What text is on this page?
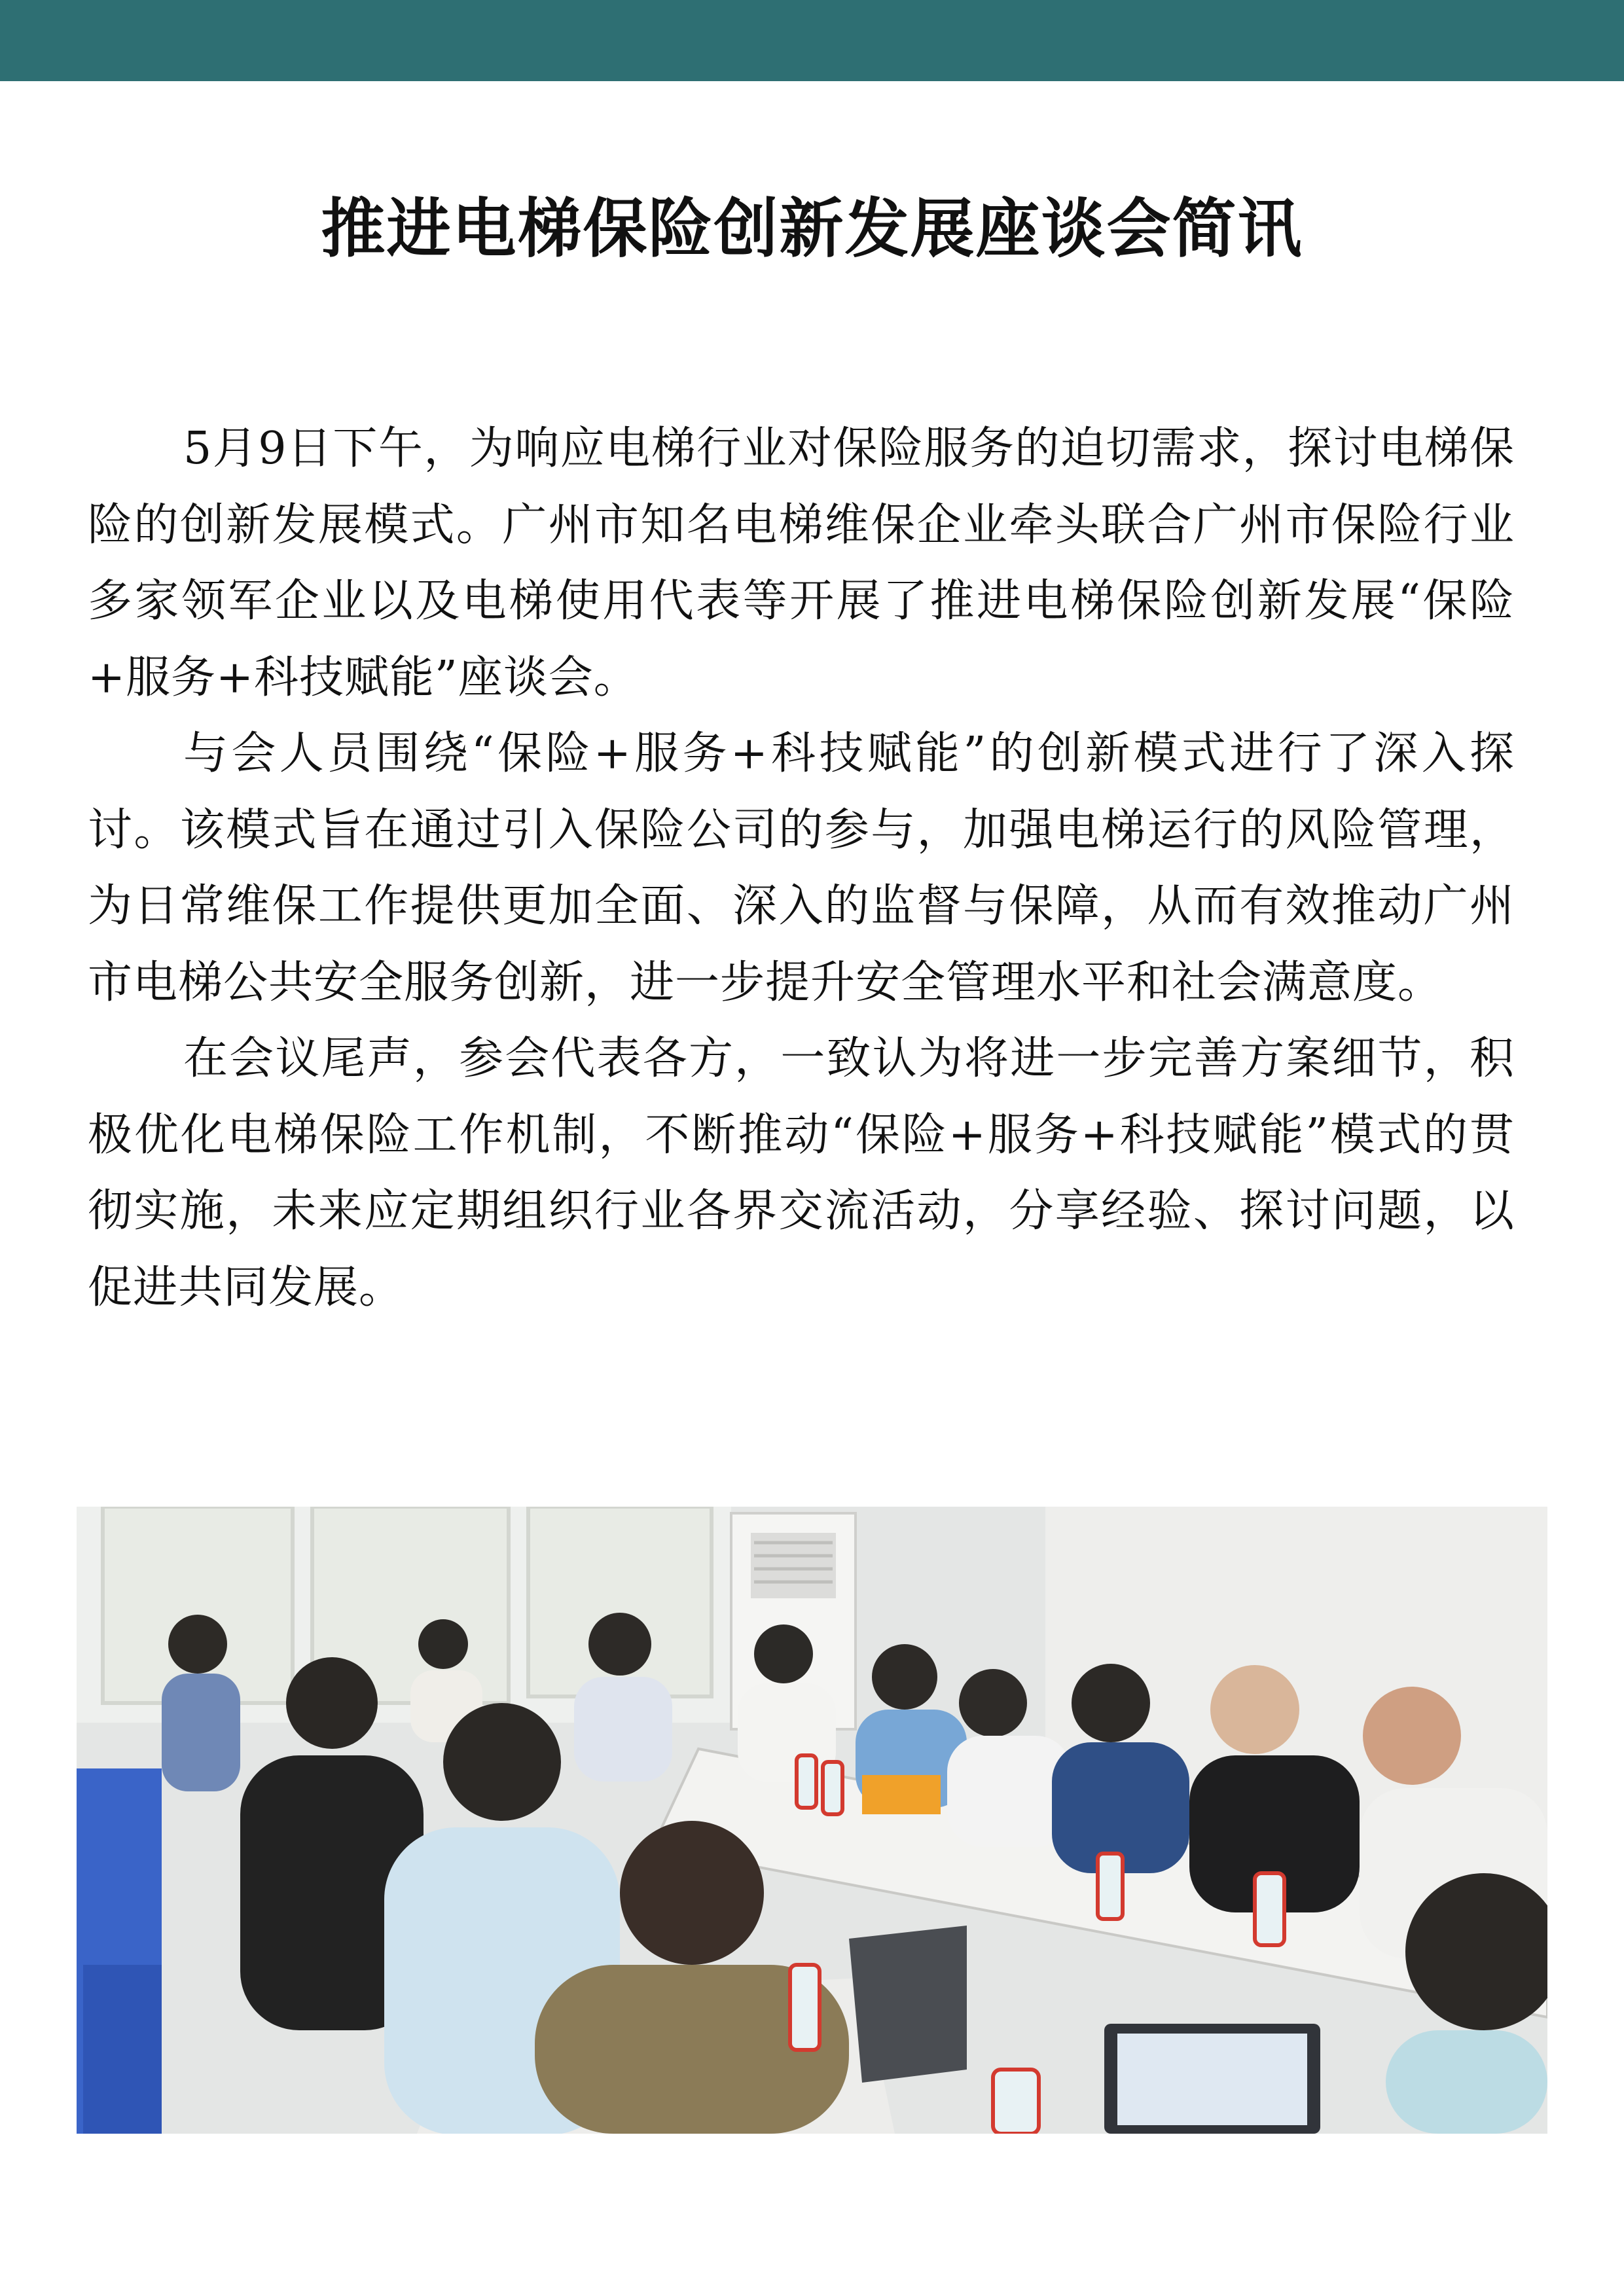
推进电梯保险创新发展座谈会简讯

5月9日下午，为响应电梯行业对保险服务的迫切需求，探讨电梯保险的创新发展模式。广州市知名电梯维保企业牵头联合广州市保险行业多家领军企业以及电梯使用代表等开展了推进电梯保险创新发展“保险+服务+科技赋能”座谈会。

与会人员围绕“保险+服务+科技赋能”的创新模式进行了深入探讨。该模式旨在通过引入保险公司的参与，加强电梯运行的风险管理，为日常维保工作提供更加全面、深入的监督与保障，从而有效推动广州市电梯公共安全服务创新，进一步提升安全管理水平和社会满意度。

在会议尾声，参会代表各方，一致认为将进一步完善方案细节，积极优化电梯保险工作机制，不断推动“保险+服务+科技赋能”模式的贯彻实施，未来应定期组织行业各界交流活动，分享经验、探讨问题，以促进共同发展。
